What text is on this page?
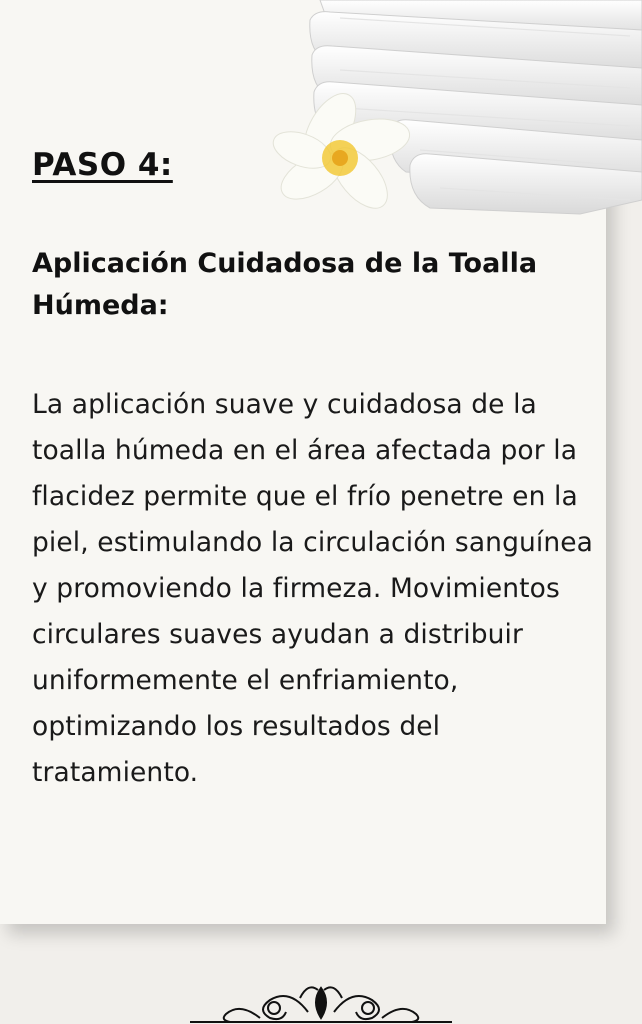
PASO 4:
Aplicación Cuidadosa de la Toalla Húmeda:

La aplicación suave y cuidadosa de la toalla húmeda en el área afectada por la flacidez permite que el frío penetre en la piel, estimulando la circulación sanguínea y promoviendo la firmeza. Movimientos circulares suaves ayudan a distribuir uniformemente el enfriamiento, optimizando los resultados del tratamiento.
